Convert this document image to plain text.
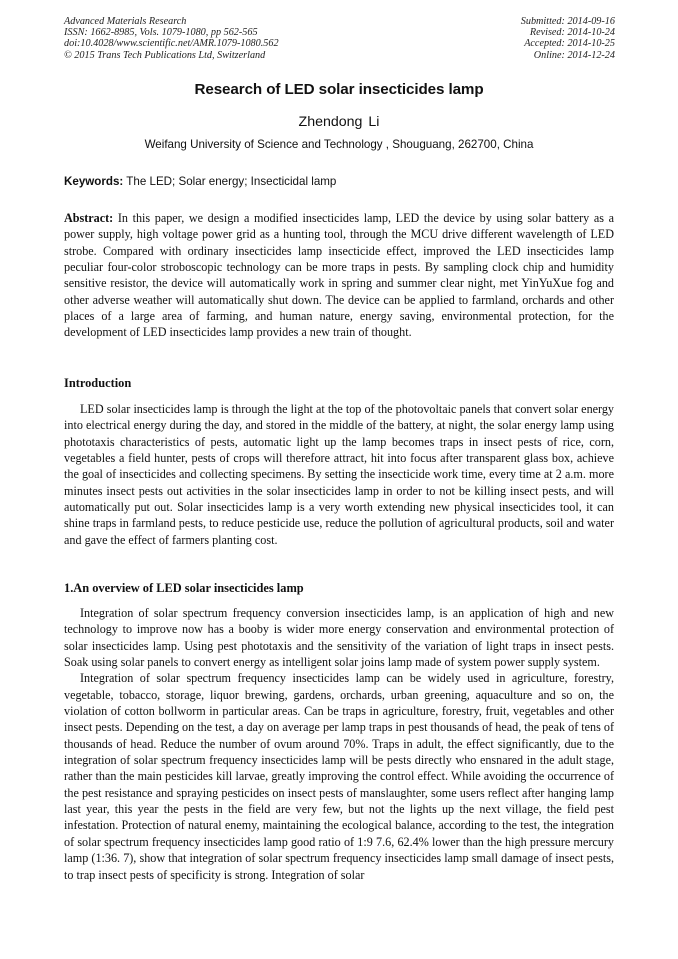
Advanced Materials Research
ISSN: 1662-8985, Vols. 1079-1080, pp 562-565
doi:10.4028/www.scientific.net/AMR.1079-1080.562
© 2015 Trans Tech Publications Ltd, Switzerland
Submitted: 2014-09-16
Revised: 2014-10-24
Accepted: 2014-10-25
Online: 2014-12-24
Research of LED solar insecticides lamp
Zhendong Li
Weifang University of Science and Technology , Shouguang, 262700, China
Keywords: The LED; Solar energy; Insecticidal lamp

Abstract: In this paper, we design a modified insecticides lamp, LED the device by using solar battery as a power supply, high voltage power grid as a hunting tool, through the MCU drive different wavelength of LED strobe. Compared with ordinary insecticides lamp insecticide effect, improved the LED insecticides lamp peculiar four-color stroboscopic technology can be more traps in pests. By sampling clock chip and humidity sensitive resistor, the device will automatically work in spring and summer clear night, met YinYuXue fog and other adverse weather will automatically shut down. The device can be applied to farmland, orchards and other places of a large area of farming, and human nature, energy saving, environmental protection, for the development of LED insecticides lamp provides a new train of thought.

Introduction

LED solar insecticides lamp is through the light at the top of the photovoltaic panels that convert solar energy into electrical energy during the day, and stored in the middle of the battery, at night, the solar energy lamp using phototaxis characteristics of pests, automatic light up the lamp becomes traps in insect pests of rice, corn, vegetables a field hunter, pests of crops will therefore attract, hit into focus after transparent glass box, achieve the goal of insecticides and collecting specimens. By setting the insecticide work time, every time at 2 a.m. more minutes insect pests out activities in the solar insecticides lamp in order to not be killing insect pests, and will automatically put out. Solar insecticides lamp is a very worth extending new physical insecticides tool, it can shine traps in farmland pests, to reduce pesticide use, reduce the pollution of agricultural products, soil and water and gave the effect of farmers planting cost.

1.An overview of LED solar insecticides lamp

Integration of solar spectrum frequency conversion insecticides lamp, is an application of high and new technology to improve now has a booby is wider more energy conservation and environmental protection of solar insecticides lamp. Using pest phototaxis and the sensitivity of the variation of light traps in insect pests. Soak using solar panels to convert energy as intelligent solar joins lamp made of system power supply system.

Integration of solar spectrum frequency insecticides lamp can be widely used in agriculture, forestry, vegetable, tobacco, storage, liquor brewing, gardens, orchards, urban greening, aquaculture and so on, the violation of cotton bollworm in particular areas. Can be traps in agriculture, forestry, fruit, vegetables and other insect pests. Depending on the test, a day on average per lamp traps in pest thousands of head, the peak of tens of thousands of head. Reduce the number of ovum around 70%. Traps in adult, the effect significantly, due to the integration of solar spectrum frequency insecticides lamp will be pests directly who ensnared in the adult stage, rather than the main pesticides kill larvae, greatly improving the control effect. While avoiding the occurrence of the pest resistance and spraying pesticides on insect pests of manslaughter, some users reflect after hanging lamp last year, this year the pests in the field are very few, but not the lights up the next village, the field pest infestation. Protection of natural enemy, maintaining the ecological balance, according to the test, the integration of solar spectrum frequency insecticides lamp good ratio of 1:9 7.6, 62.4% lower than the high pressure mercury lamp (1:36. 7), show that integration of solar spectrum frequency insecticides lamp small damage of insect pests, to trap insect pests of specificity is strong. Integration of solar
